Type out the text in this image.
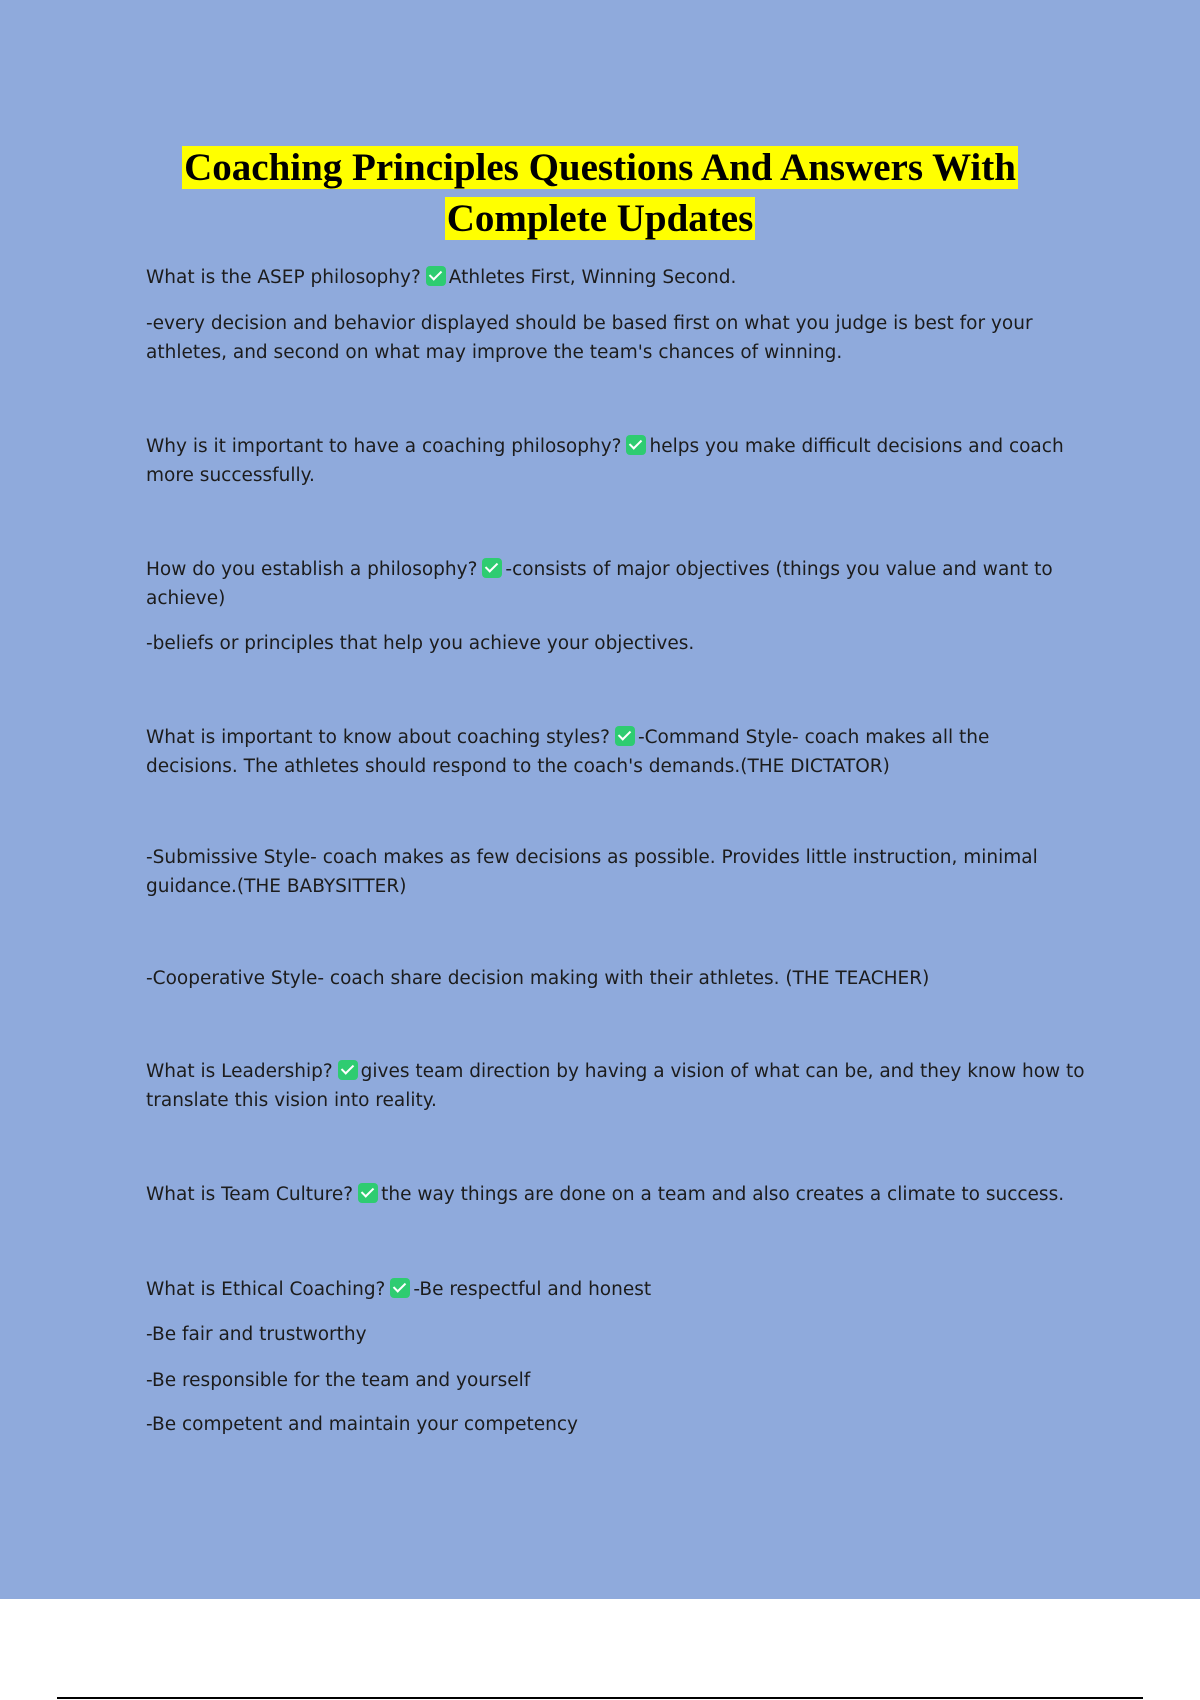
Coaching Principles Questions And Answers With
Complete Updates

What is the ASEP philosophy? Athletes First, Winning Second.

-every decision and behavior displayed should be based first on what you judge is best for your athletes, and second on what may improve the team's chances of winning.

Why is it important to have a coaching philosophy? helps you make difficult decisions and coach more successfully.

How do you establish a philosophy? -consists of major objectives (things you value and want to achieve)

-beliefs or principles that help you achieve your objectives.

What is important to know about coaching styles? -Command Style- coach makes all the decisions. The athletes should respond to the coach's demands.(THE DICTATOR)

-Submissive Style- coach makes as few decisions as possible. Provides little instruction, minimal guidance.(THE BABYSITTER)

-Cooperative Style- coach share decision making with their athletes. (THE TEACHER)

What is Leadership? gives team direction by having a vision of what can be, and they know how to translate this vision into reality.

What is Team Culture? the way things are done on a team and also creates a climate to success.

What is Ethical Coaching? -Be respectful and honest

-Be fair and trustworthy

-Be responsible for the team and yourself

-Be competent and maintain your competency
